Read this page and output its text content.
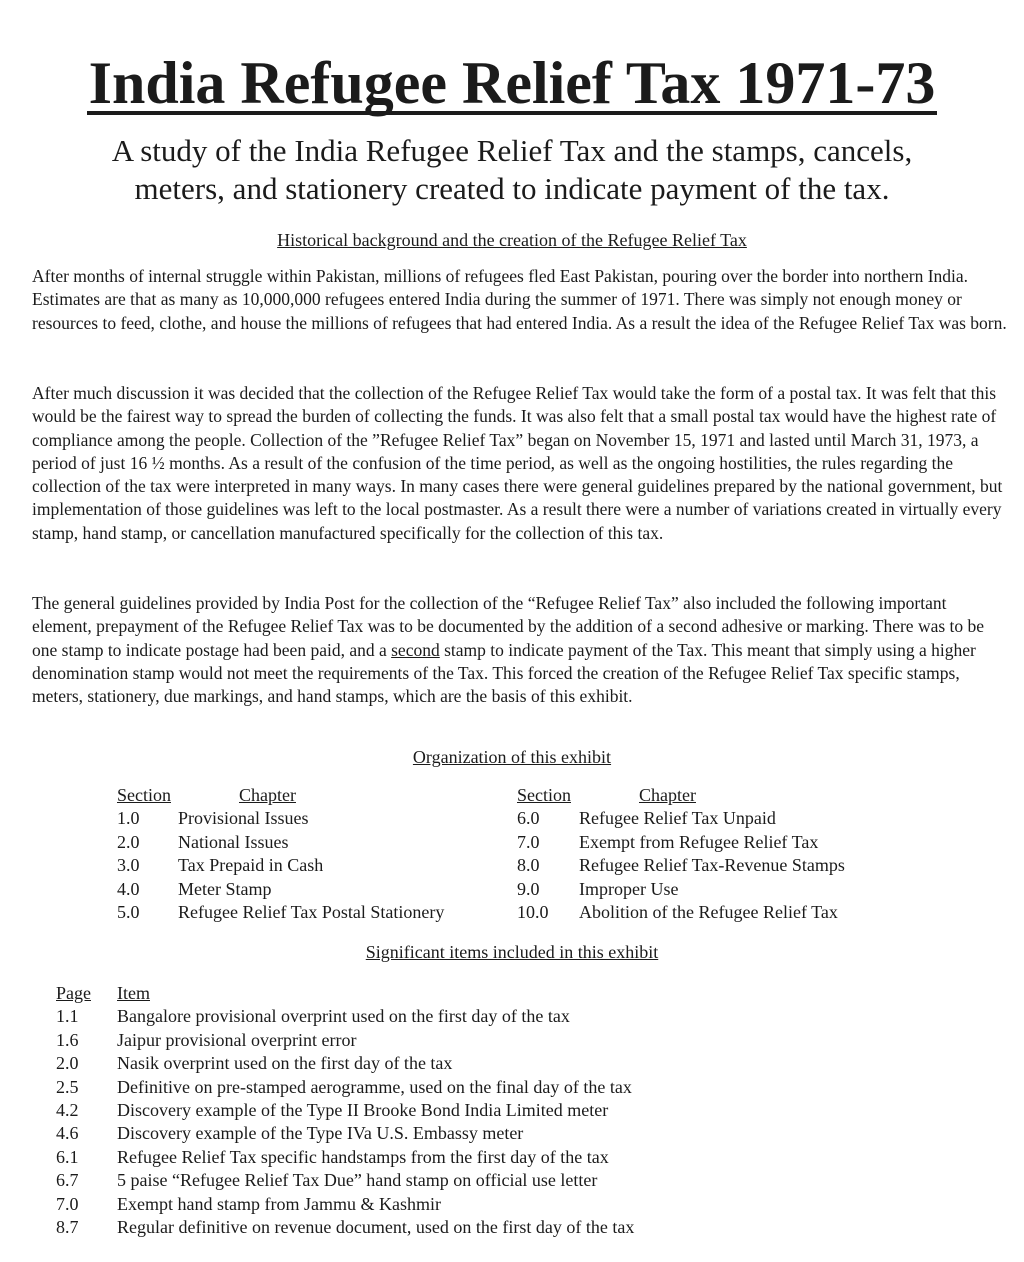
India Refugee Relief Tax 1971-73
A study of the India Refugee Relief Tax and the stamps, cancels,
meters, and stationery created to indicate payment of the tax.

Historical background and the creation of the Refugee Relief Tax

After months of internal struggle within Pakistan, millions of refugees fled East Pakistan, pouring over the border into northern India. Estimates are that as many as 10,000,000 refugees entered India during the summer of 1971. There was simply not enough money or resources to feed, clothe, and house the millions of refugees that had entered India. As a result the idea of the Refugee Relief Tax was born.

After much discussion it was decided that the collection of the Refugee Relief Tax would take the form of a postal tax. It was felt that this would be the fairest way to spread the burden of collecting the funds. It was also felt that a small postal tax would have the highest rate of compliance among the people. Collection of the ”Refugee Relief Tax” began on November 15, 1971 and lasted until March 31, 1973, a period of just 16 ½ months. As a result of the confusion of the time period, as well as the ongoing hostilities, the rules regarding the collection of the tax were interpreted in many ways. In many cases there were general guidelines prepared by the national government, but implementation of those guidelines was left to the local postmaster. As a result there were a number of variations created in virtually every stamp, hand stamp, or cancellation manufactured specifically for the collection of this tax.

The general guidelines provided by India Post for the collection of the “Refugee Relief Tax” also included the following important element, prepayment of the Refugee Relief Tax was to be documented by the addition of a second adhesive or marking. There was to be one stamp to indicate postage had been paid, and a second stamp to indicate payment of the Tax. This meant that simply using a higher denomination stamp would not meet the requirements of the Tax. This forced the creation of the Refugee Relief Tax specific stamps, meters, stationery, due markings, and hand stamps, which are the basis of this exhibit.

Organization of this exhibit

Section	Chapter
1.0	Provisional Issues
2.0	National Issues
3.0	Tax Prepaid in Cash
4.0	Meter Stamp
5.0	Refugee Relief Tax Postal Stationery
Section	Chapter
6.0	Refugee Relief Tax Unpaid
7.0	Exempt from Refugee Relief Tax
8.0	Refugee Relief Tax-Revenue Stamps
9.0	Improper Use
10.0	Abolition of the Refugee Relief Tax

Significant items included in this exhibit

Page	Item
1.1	Bangalore provisional overprint used on the first day of the tax
1.6	Jaipur provisional overprint error
2.0	Nasik overprint used on the first day of the tax
2.5	Definitive on pre-stamped aerogramme, used on the final day of the tax
4.2	Discovery example of the Type II Brooke Bond India Limited meter
4.6	Discovery example of the Type IVa U.S. Embassy meter
6.1	Refugee Relief Tax specific handstamps from the first day of the tax
6.7	5 paise “Refugee Relief Tax Due” hand stamp on official use letter
7.0	Exempt hand stamp from Jammu & Kashmir
8.7	Regular definitive on revenue document, used on the first day of the tax
